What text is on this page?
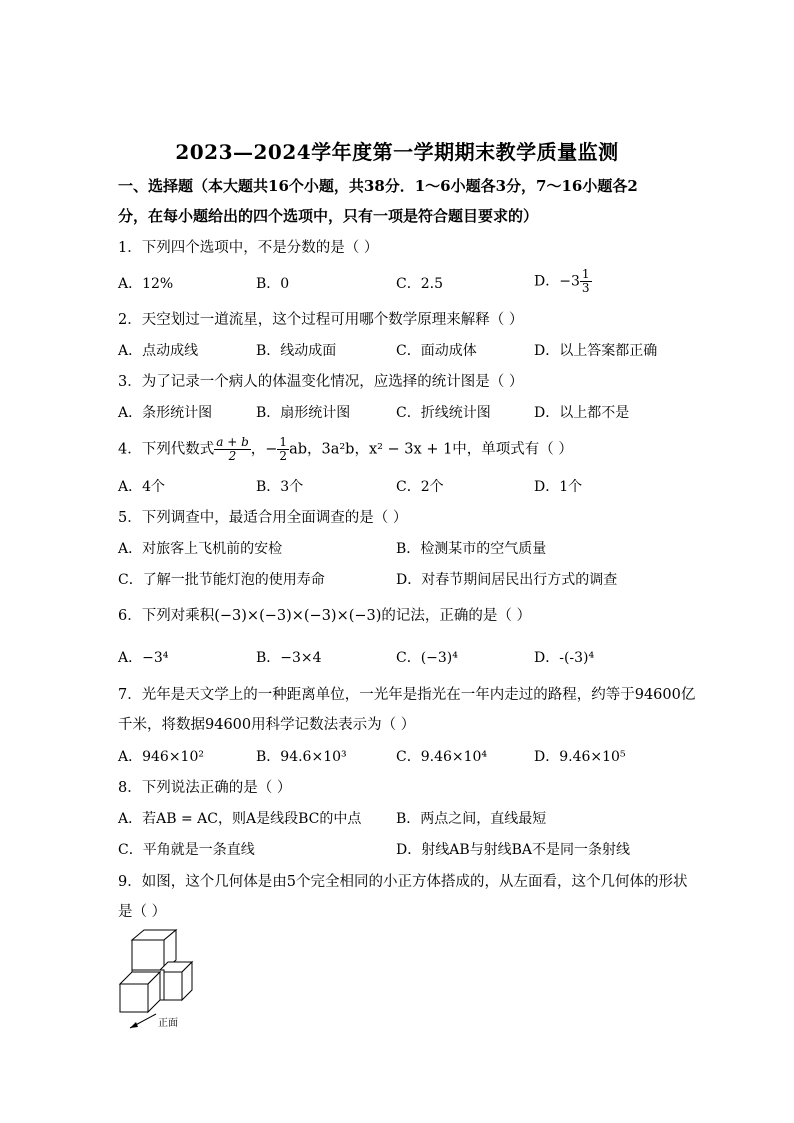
2023—2024学年度第一学期期末教学质量监测
一、选择题（本大题共16个小题，共38分．1～6小题各3分，7～16小题各2
分，在每小题给出的四个选项中，只有一项是符合题目要求的）
1．下列四个选项中，不是分数的是（ ）
A．12%	B．0	C．2.5	D．$-3 \frac{1}{3}$
2．天空划过一道流星，这个过程可用哪个数学原理来解释（ ）
A．点动成线	B．线动成面	C．面动成体	D．以上答案都正确
3．为了记录一个病人的体温变化情况，应选择的统计图是（ ）
A．条形统计图	B．扇形统计图	C．折线统计图	D．以上都不是
4．下列代数式 $\frac{a + b}{2}$ ，− $\frac{1}{2}$ ab，3a²b，x² − 3x + 1中，单项式有（ ）
A．4个	B．3个	C．2个	D．1个
5．下列调查中，最适合用全面调查的是（ ）
A．对旅客上飞机前的安检	B．检测某市的空气质量
C．了解一批节能灯泡的使用寿命	D．对春节期间居民出行方式的调查
6．下列对乘积(−3)×(−3)×(−3)×(−3)的记法，正确的是（ ）
A．−3⁴	B．−3×4	C．(−3)⁴	D．-(-3)⁴
7．光年是天文学上的一种距离单位，一光年是指光在一年内走过的路程，约等于94600亿
千米，将数据94600用科学记数法表示为（ ）
A．946×10²	B．94.6×10³	C．9.46×10⁴	D．9.46×10⁵
8．下列说法正确的是（ ）
A．若AB = AC，则A是线段BC的中点 B．两点之间，直线最短
C．平角就是一条直线	D．射线AB与射线BA不是同一条射线
9．如图，这个几何体是由5个完全相同的小正方体搭成的，从左面看，这个几何体的形状
是（ ）
正面
